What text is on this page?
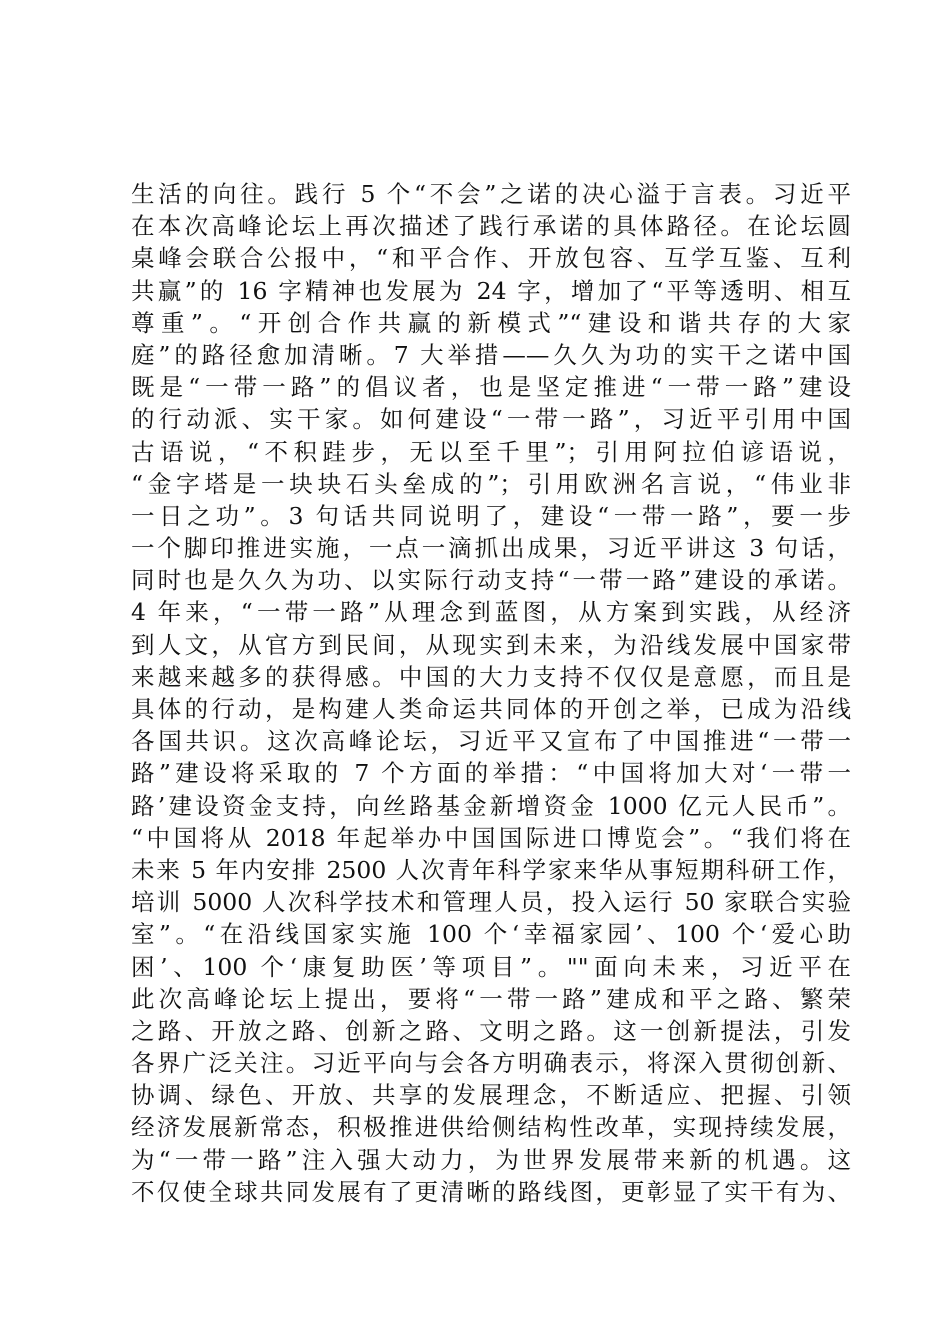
生活的向往。践行 5 个“不会”之诺的决心溢于言表。习近平
在本次高峰论坛上再次描述了践行承诺的具体路径。在论坛圆
桌峰会联合公报中，“和平合作、开放包容、互学互鉴、互利
共赢”的 16 字精神也发展为 24 字，增加了“平等透明、相互
尊重”。“开创合作共赢的新模式”“建设和谐共存的大家
庭”的路径愈加清晰。7 大举措——久久为功的实干之诺中国
既是“一带一路”的倡议者，也是坚定推进“一带一路”建设
的行动派、实干家。如何建设“一带一路”，习近平引用中国
古语说，“不积跬步，无以至千里”；引用阿拉伯谚语说，
“金字塔是一块块石头垒成的”；引用欧洲名言说，“伟业非
一日之功”。3 句话共同说明了，建设“一带一路”，要一步
一个脚印推进实施，一点一滴抓出成果，习近平讲这 3 句话，
同时也是久久为功、以实际行动支持“一带一路”建设的承诺。
4 年来，“一带一路”从理念到蓝图，从方案到实践，从经济
到人文，从官方到民间，从现实到未来，为沿线发展中国家带
来越来越多的获得感。中国的大力支持不仅仅是意愿，而且是
具体的行动，是构建人类命运共同体的开创之举，已成为沿线
各国共识。这次高峰论坛，习近平又宣布了中国推进“一带一
路”建设将采取的 7 个方面的举措：“中国将加大对‘一带一
路’建设资金支持，向丝路基金新增资金 1000 亿元人民币”。
“中国将从 2018 年起举办中国国际进口博览会”。“我们将在
未来 5 年内安排 2500 人次青年科学家来华从事短期科研工作，
培训 5000 人次科学技术和管理人员，投入运行 50 家联合实验
室”。“在沿线国家实施 100 个‘幸福家园’、100 个‘爱心助
困’、100 个‘康复助医’等项目”。""面向未来，习近平在
此次高峰论坛上提出，要将“一带一路”建成和平之路、繁荣
之路、开放之路、创新之路、文明之路。这一创新提法，引发
各界广泛关注。习近平向与会各方明确表示，将深入贯彻创新、
协调、绿色、开放、共享的发展理念，不断适应、把握、引领
经济发展新常态，积极推进供给侧结构性改革，实现持续发展，
为“一带一路”注入强大动力，为世界发展带来新的机遇。这
不仅使全球共同发展有了更清晰的路线图，更彰显了实干有为、
